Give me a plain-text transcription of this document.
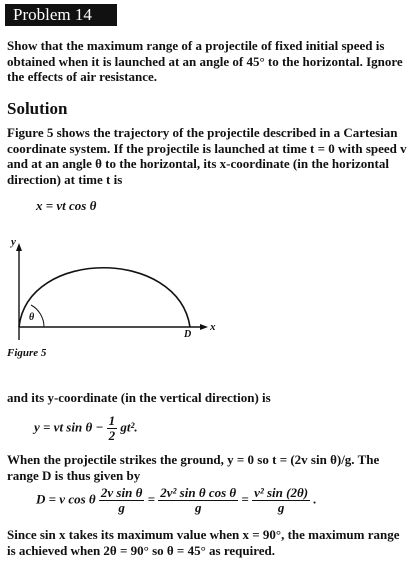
Problem 14
Show that the maximum range of a projectile of fixed initial speed is obtained when it is launched at an angle of 45° to the horizontal. Ignore the effects of air resistance.
Solution
Figure 5 shows the trajectory of the projectile described in a Cartesian coordinate system. If the projectile is launched at time t = 0 with speed v and at an angle θ to the horizontal, its x-coordinate (in the horizontal direction) at time t is
x = vt cos θ
y
x
θ
D
Figure 5
and its y-coordinate (in the vertical direction) is
y = vt $\sin \theta - \frac{1}{2} gt^2$.
When the projectile strikes the ground, y = 0 so t = (2v sin θ)/g. The range D is thus given by
D = v cos θ $\frac{\text{2v sin θ}}{g} = \frac{\text{2v² sin θ cos θ}}{g} = \frac{\text{v² sin (2θ)}}{g}$ .
Since sin x takes its maximum value when x = 90°, the maximum range is achieved when 2θ = 90° so θ = 45° as required.
